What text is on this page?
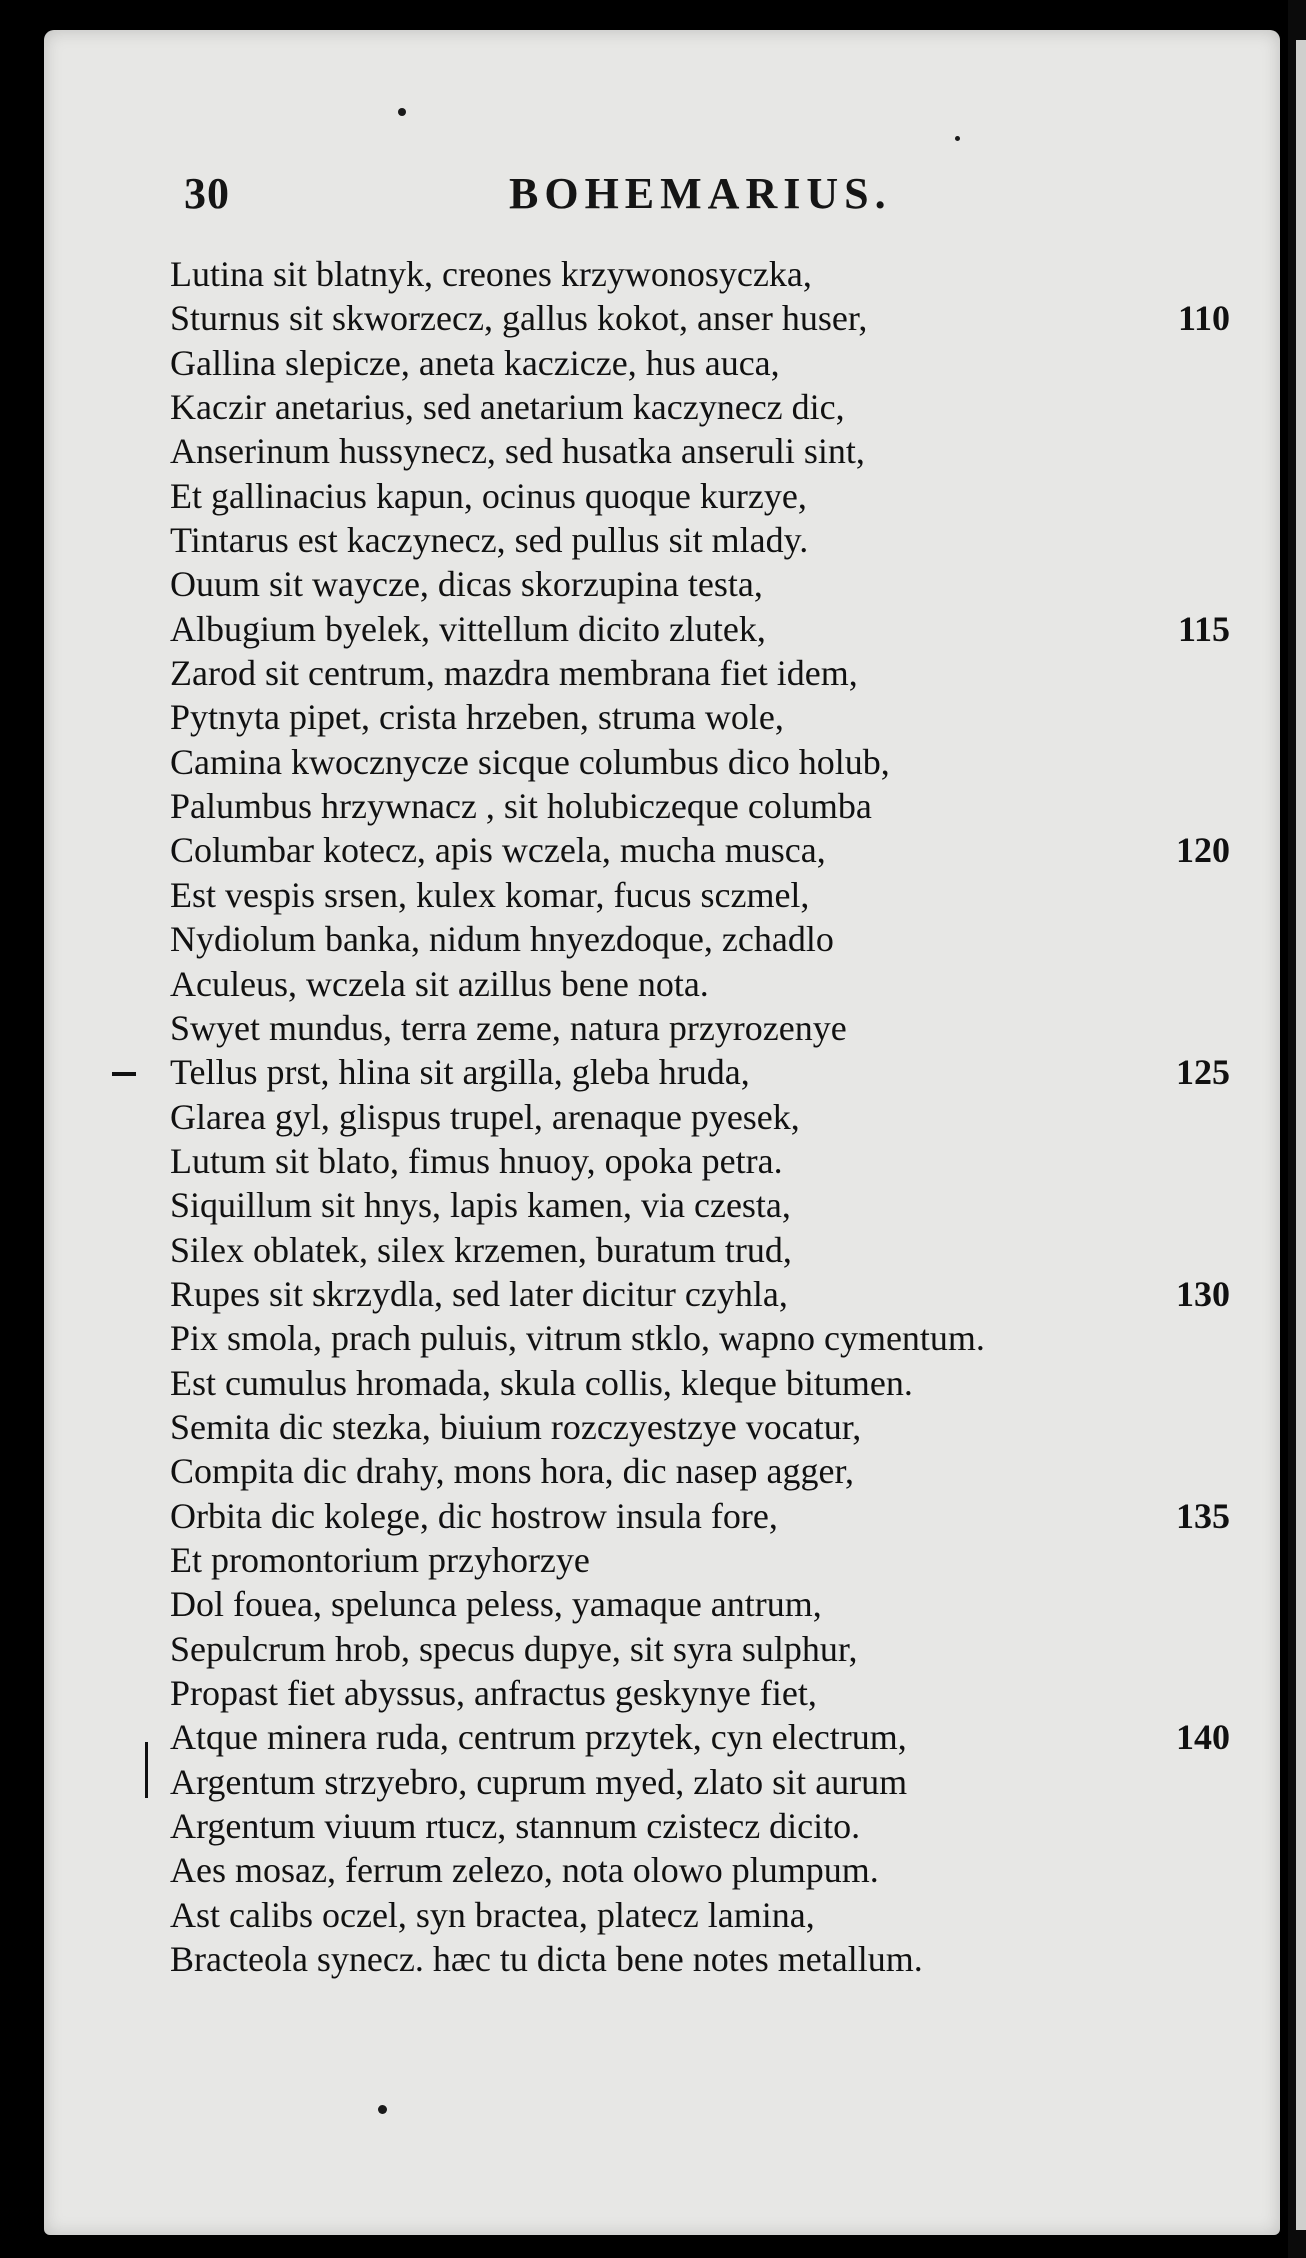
30	BOHEMARIUS.
Lutina sit blatnyk, creones krzywonosyczka,
Sturnus sit skworzecz, gallus kokot, anser huser,	110
Gallina slepicze, aneta kaczicze, hus auca,
Kaczir anetarius, sed anetarium kaczynecz dic,
Anserinum hussynecz, sed husatka anseruli sint,
Et gallinacius kapun, ocinus quoque kurzye,
Tintarus est kaczynecz, sed pullus sit mlady.
Ouum sit waycze, dicas skorzupina testa,
Albugium byelek, vittellum dicito zlutek,	115
Zarod sit centrum, mazdra membrana fiet idem,
Pytnyta pipet, crista hrzeben, struma wole,
Camina kwocznycze sicque columbus dico holub,
Palumbus hrzywnacz , sit holubiczeque columba
Columbar kotecz, apis wczela, mucha musca,	120
Est vespis srsen, kulex komar, fucus sczmel,
Nydiolum banka, nidum hnyezdoque, zchadlo
Aculeus, wczela sit azillus bene nota.
Swyet mundus, terra zeme, natura przyrozenye
Tellus prst, hlina sit argilla, gleba hruda,	125
Glarea gyl, glispus trupel, arenaque pyesek,
Lutum sit blato, fimus hnuoy, opoka petra.
Siquillum sit hnys, lapis kamen, via czesta,
Silex oblatek, silex krzemen, buratum trud,
Rupes sit skrzydla, sed later dicitur czyhla,	130
Pix smola, prach puluis, vitrum stklo, wapno cymentum.
Est cumulus hromada, skula collis, kleque bitumen.
Semita dic stezka, biuium rozczyestzye vocatur,
Compita dic drahy, mons hora, dic nasep agger,
Orbita dic kolege, dic hostrow insula fore,	135
Et promontorium przyhorzye
Dol fouea, spelunca peless, yamaque antrum,
Sepulcrum hrob, specus dupye, sit syra sulphur,
Propast fiet abyssus, anfractus geskynye fiet,
Atque minera ruda, centrum przytek, cyn electrum,	140
Argentum strzyebro, cuprum myed, zlato sit aurum
Argentum viuum rtucz, stannum czistecz dicito.
Aes mosaz, ferrum zelezo, nota olowo plumpum.
Ast calibs oczel, syn bractea, platecz lamina,
Bracteola synecz. hæc tu dicta bene notes metallum.
